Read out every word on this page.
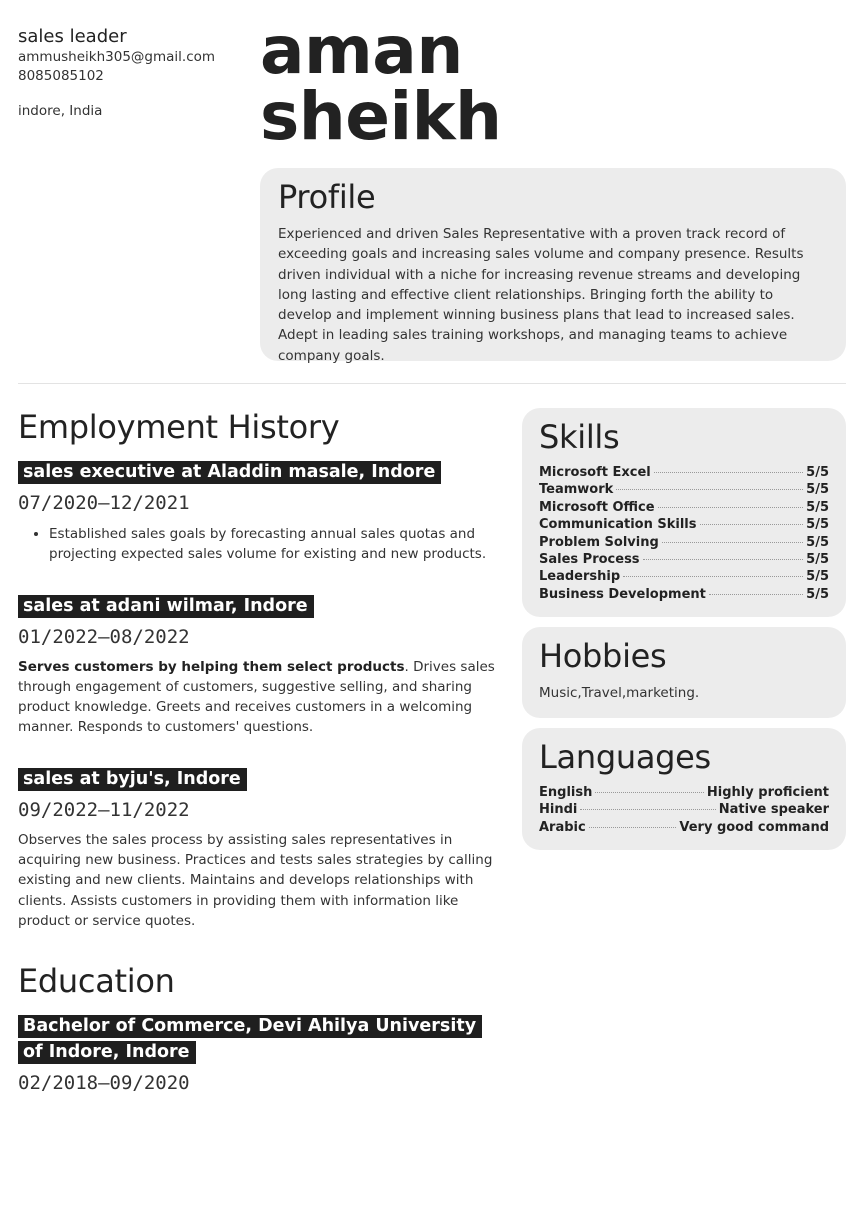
sales leader
ammusheikh305@gmail.com
8085085102
indore, India
aman
sheikh
Profile

Experienced and driven Sales Representative with a proven track record of exceeding goals and increasing sales volume and company presence. Results driven individual with a niche for increasing revenue streams and developing long lasting and effective client relationships. Bringing forth the ability to develop and implement winning business plans that lead to increased sales. Adept in leading sales training workshops, and managing teams to achieve company goals.

Employment History
sales executive at Aladdin masale, Indore
07/2020—12/2021
• Established sales goals by forecasting annual sales quotas and projecting expected sales volume for existing and new products.
sales at adani wilmar, Indore
01/2022—08/2022

Serves customers by helping them select products. Drives sales through engagement of customers, suggestive selling, and sharing product knowledge. Greets and receives customers in a welcoming manner. Responds to customers' questions.

sales at byju's, Indore
09/2022—11/2022

Observes the sales process by assisting sales representatives in acquiring new business. Practices and tests sales strategies by calling existing and new clients. Maintains and develops relationships with clients. Assists customers in providing them with information like product or service quotes.

Education
Bachelor of Commerce, Devi Ahilya University of Indore, Indore
02/2018—09/2020
Skills
Microsoft Excel	5/5
Teamwork	5/5
Microsoft Office	5/5
Communication Skills	5/5
Problem Solving	5/5
Sales Process	5/5
Leadership	5/5
Business Development	5/5
Hobbies

Music,Travel,marketing.

Languages
English	Highly proficient
Hindi	Native speaker
Arabic	Very good command
